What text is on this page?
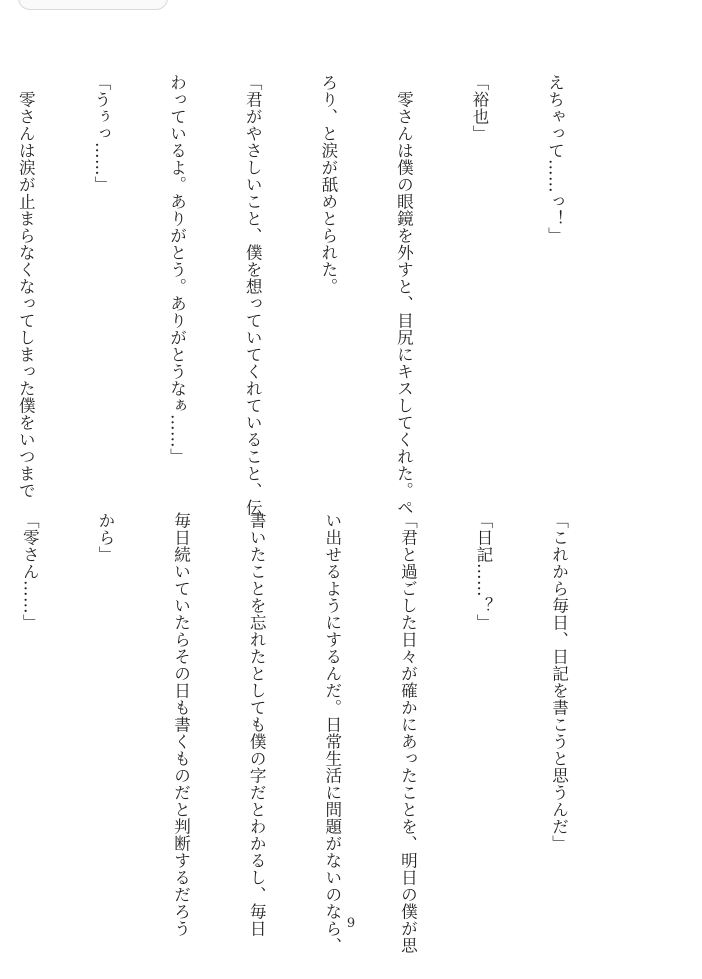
えちゃって……っ！」

「裕也」

　零さんは僕の眼鏡を外すと、目尻にキスしてくれた。ペ

ろり、と涙が舐めとられた。

「君がやさしいこと、僕を想っていてくれていること、伝

わっているよ。ありがとう。ありがとうなぁ……」

「うぅっ……」

　零さんは涙が止まらなくなってしまった僕をいつまで

「これから毎日、日記を書こうと思うんだ」

「日記……？」

「君と過ごした日々が確かにあったことを、明日の僕が思

い出せるようにするんだ。日常生活に問題がないのなら、

書いたことを忘れたとしても僕の字だとわかるし、毎日

毎日続いていたらその日も書くものだと判断するだろう

から」

「零さん……」

9
